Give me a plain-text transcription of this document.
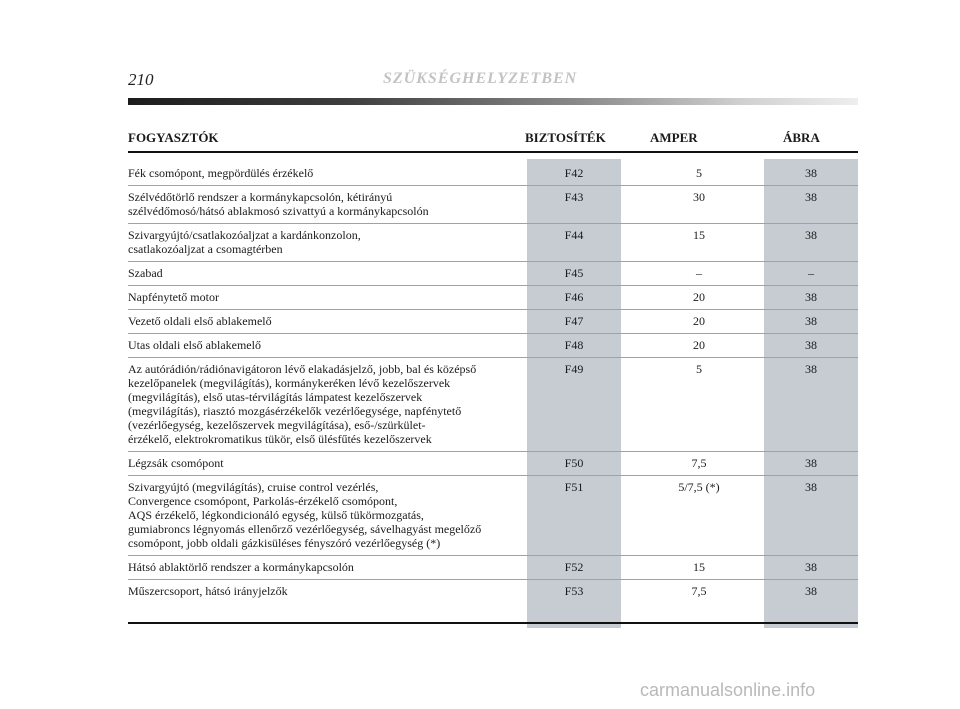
210	SZÜKSÉGHELYZETBEN
FOGYASZTÓK	BIZTOSÍTÉK	AMPER	ÁBRA
Fék csomópont, megpördülés érzékelő	F42	5	38
Szélvédőtörlő rendszer a kormánykapcsolón, kétirányú
szélvédőmosó/hátsó ablakmosó szivattyú a kormánykapcsolón
F43	30	38
Szivargyújtó/csatlakozóaljzat a kardánkonzolon,
csatlakozóaljzat a csomagtérben
F44	15	38
Szabad	F45	–	–
Napfénytető motor	F46	20	38
Vezető oldali első ablakemelő	F47	20	38
Utas oldali első ablakemelő	F48	20	38
Az autórádión/rádiónavigátoron lévő elakadásjelző, jobb, bal és középső
kezelőpanelek (megvilágítás), kormánykeréken lévő kezelőszervek
(megvilágítás), első utas-térvilágítás lámpatest kezelőszervek
(megvilágítás), riasztó mozgásérzékelők vezérlőegysége, napfénytető
(vezérlőegység, kezelőszervek megvilágítása), eső-/szürkület-
érzékelő, elektrokromatikus tükör, első ülésfűtés kezelőszervek
F49	5	38
Légzsák csomópont	F50	7,5	38
Szivargyújtó (megvilágítás), cruise control vezérlés,
Convergence csomópont, Parkolás-érzékelő csomópont,
AQS érzékelő, légkondicionáló egység, külső tükörmozgatás,
gumiabroncs légnyomás ellenőrző vezérlőegység, sávelhagyást megelőző
csomópont, jobb oldali gázkisüléses fényszóró vezérlőegység (*)
F51	5/7,5 (*)	38
Hátsó ablaktörlő rendszer a kormánykapcsolón	F52	15	38
Műszercsoport, hátsó irányjelzők	F53	7,5	38
carmanualsonline.info
